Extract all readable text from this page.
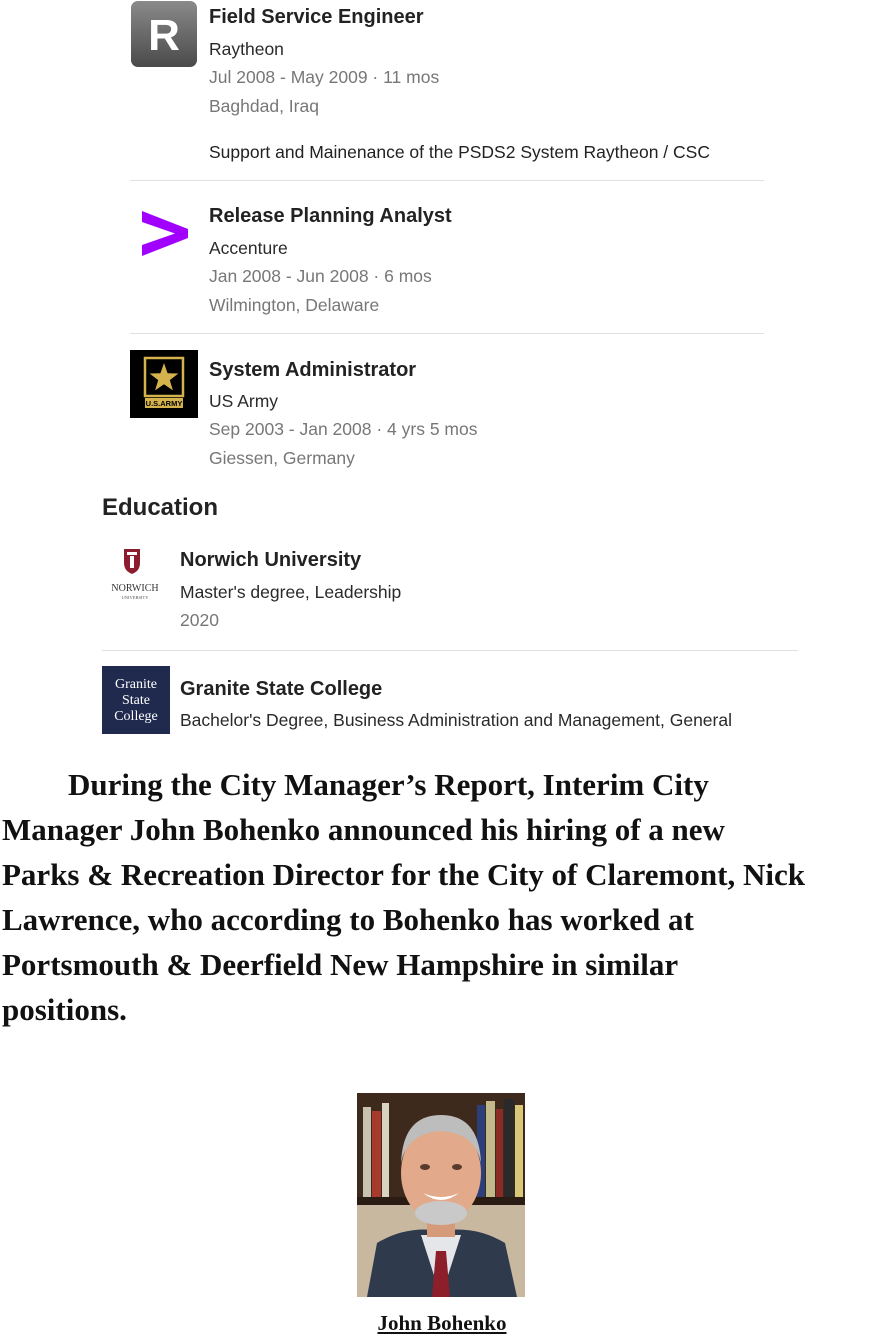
R Field Service Engineer
Raytheon
Jul 2008 - May 2009 · 11 mos
Baghdad, Iraq
Support and Mainenance of the PSDS2 System Raytheon / CSC
Release Planning Analyst
Accenture
Jan 2008 - Jun 2008 · 6 mos
Wilmington, Delaware
U.S.ARMY
System Administrator
US Army
Sep 2003 - Jan 2008 · 4 yrs 5 mos
Giessen, Germany
Education
NORWICH
UNIVERSITY
Norwich University
Master's degree, Leadership
2020
Granite
State
College
Granite State College
Bachelor's Degree, Business Administration and Management, General
During the City Manager’s Report, Interim City
Manager John Bohenko announced his hiring of a new
Parks & Recreation Director for the City of Claremont, Nick
Lawrence, who according to Bohenko has worked at
Portsmouth & Deerfield New Hampshire in similar
positions.
John Bohenko
